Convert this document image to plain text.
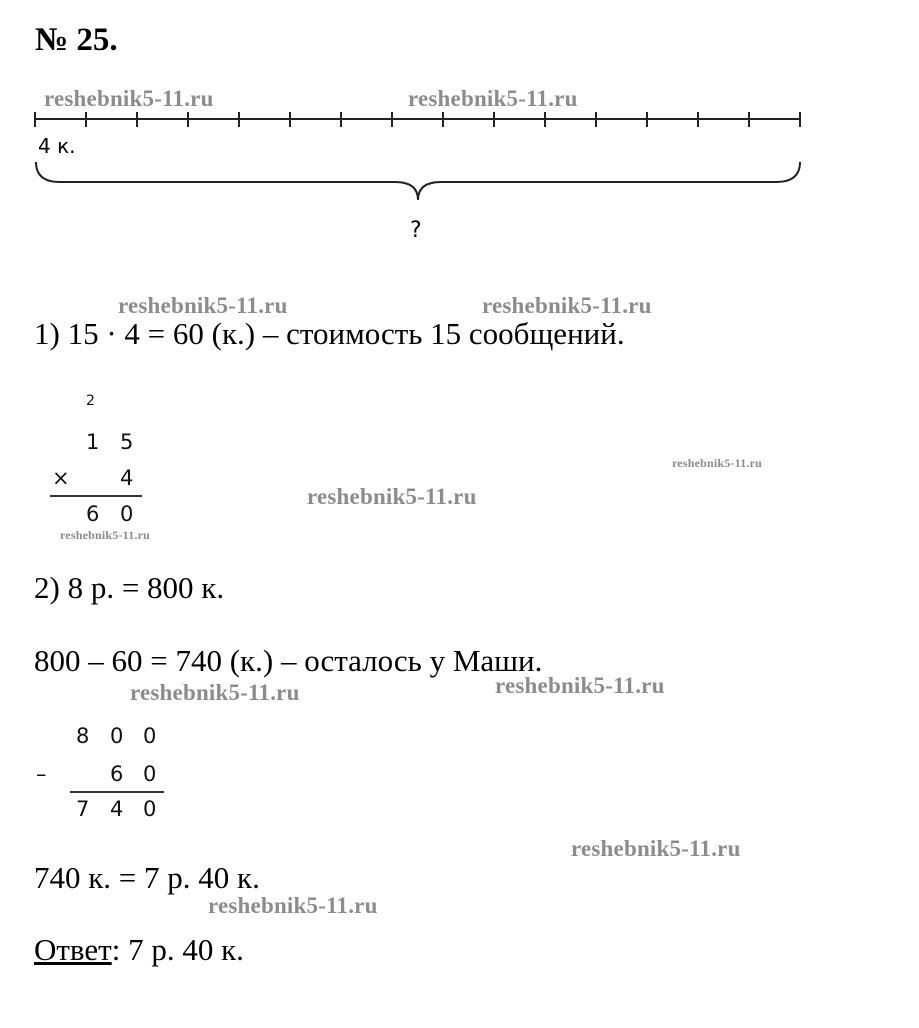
№ 25.
4 к.
?
1) 15 · 4 = 60 (к.) – стоимость 15 сообщений.
2
1 5
× 4
6 0
2) 8 р. = 800 к.
800 – 60 = 740 (к.) – осталось у Маши.
8 0 0
–	6 0
7 4 0
740 к. = 7 р. 40 к.
Ответ: 7 р. 40 к.
reshebnik5-11.ru	reshebnik5-11.ru
reshebnik5-11.ru	reshebnik5-11.ru
reshebnik5-11.ru
reshebnik5-11.ru
reshebnik5-11.ru
reshebnik5-11.ru	reshebnik5-11.ru
reshebnik5-11.ru
reshebnik5-11.ru
